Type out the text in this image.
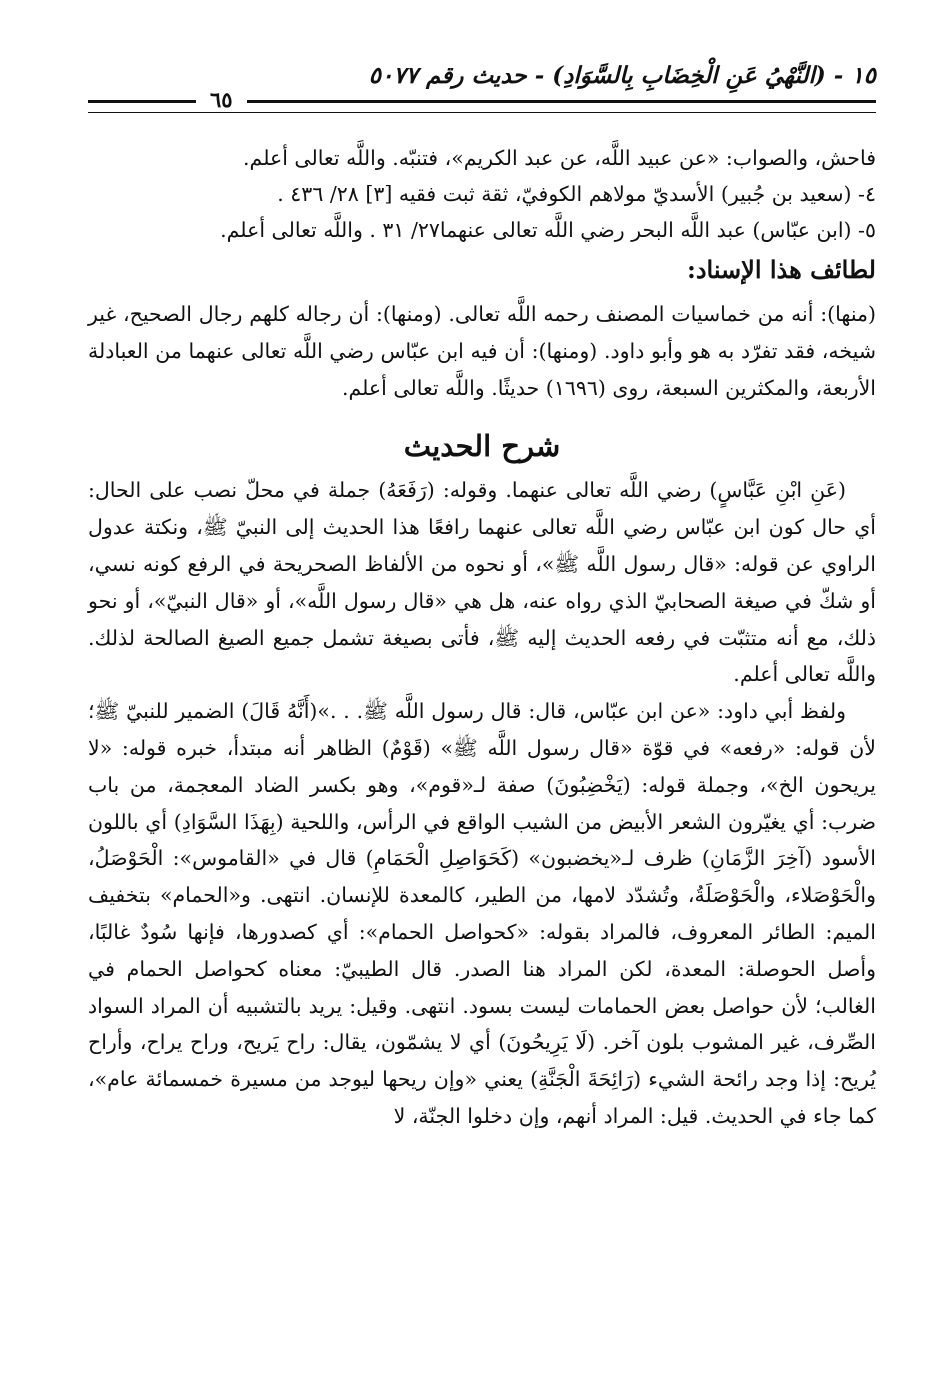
١٥ - (النَّهْيُ عَنِ الْخِضَابِ بِالسَّوَادِ) - حديث رقم ٥٠٧٧
٦٥

فاحش، والصواب: «عن عبيد اللَّه، عن عبد الكريم»، فتنبّه. واللَّه تعالى أعلم.

٤- (سعيد بن جُبير) الأسديّ مولاهم الكوفيّ، ثقة ثبت فقيه [٣] ٢٨/ ٤٣٦ .

٥- (ابن عبّاس) عبد اللَّه البحر رضي اللَّه تعالى عنهما٢٧/ ٣١ . واللَّه تعالى أعلم.

لطائف هذا الإسناد:

(منها): أنه من خماسيات المصنف رحمه اللَّه تعالى. (ومنها): أن رجاله كلهم رجال الصحيح، غير شيخه، فقد تفرّد به هو وأبو داود. (ومنها): أن فيه ابن عبّاس رضي اللَّه تعالى عنهما من العبادلة الأربعة، والمكثرين السبعة، روى (١٦٩٦) حديثًا. واللَّه تعالى أعلم.

شرح الحديث

(عَنِ ابْنِ عَبَّاسٍ) رضي اللَّه تعالى عنهما. وقوله: (رَفَعَهُ) جملة في محلّ نصب على الحال: أي حال كون ابن عبّاس رضي اللَّه تعالى عنهما رافعًا هذا الحديث إلى النبيّ ﷺ، ونكتة عدول الراوي عن قوله: «قال رسول اللَّه ﷺ»، أو نحوه من الألفاظ الصحريحة في الرفع كونه نسي، أو شكّ في صيغة الصحابيّ الذي رواه عنه، هل هي «قال رسول اللَّه»، أو «قال النبيّ»، أو نحو ذلك، مع أنه متثبّت في رفعه الحديث إليه ﷺ، فأتى بصيغة تشمل جميع الصيغ الصالحة لذلك. واللَّه تعالى أعلم.

ولفظ أبي داود: «عن ابن عبّاس، قال: قال رسول اللَّه ﷺ. . .»(أَنَّهُ قَالَ) الضمير للنبيّ ﷺ؛ لأن قوله: «رفعه» في قوّة «قال رسول اللَّه ﷺ» (قَوْمٌ) الظاهر أنه مبتدأ، خبره قوله: «لا يريحون الخ»، وجملة قوله: (يَخْضِبُونَ) صفة لـ«قوم»، وهو بكسر الضاد المعجمة، من باب ضرب: أي يغيّرون الشعر الأبيض من الشيب الواقع في الرأس، واللحية (بِهَذَا السَّوَادِ) أي باللون الأسود (آخِرَ الزَّمَانِ) ظرف لـ«يخضبون» (كَحَوَاصِلِ الْحَمَامِ) قال في «القاموس»: الْحَوْصَلُ، والْحَوْصَلاء، والْحَوْصَلَةُ، وتُشدّد لامها، من الطير، كالمعدة للإنسان. انتهى. و«الحمام» بتخفيف الميم: الطائر المعروف، فالمراد بقوله: «كحواصل الحمام»: أي كصدورها، فإنها سُودٌ غالبًا، وأصل الحوصلة: المعدة، لكن المراد هنا الصدر. قال الطيبيّ: معناه كحواصل الحمام في الغالب؛ لأن حواصل بعض الحمامات ليست بسود. انتهى. وقيل: يريد بالتشبيه أن المراد السواد الصِّرف، غير المشوب بلون آخر. (لَا يَرِيحُونَ) أي لا يشمّون، يقال: راح يَريح، وراح يراح، وأراح يُريح: إذا وجد رائحة الشيء (رَائِحَةَ الْجَنَّةِ) يعني «وإن ريحها ليوجد من مسيرة خمسمائة عام»، كما جاء في الحديث. قيل: المراد أنهم، وإن دخلوا الجنّة، لا
